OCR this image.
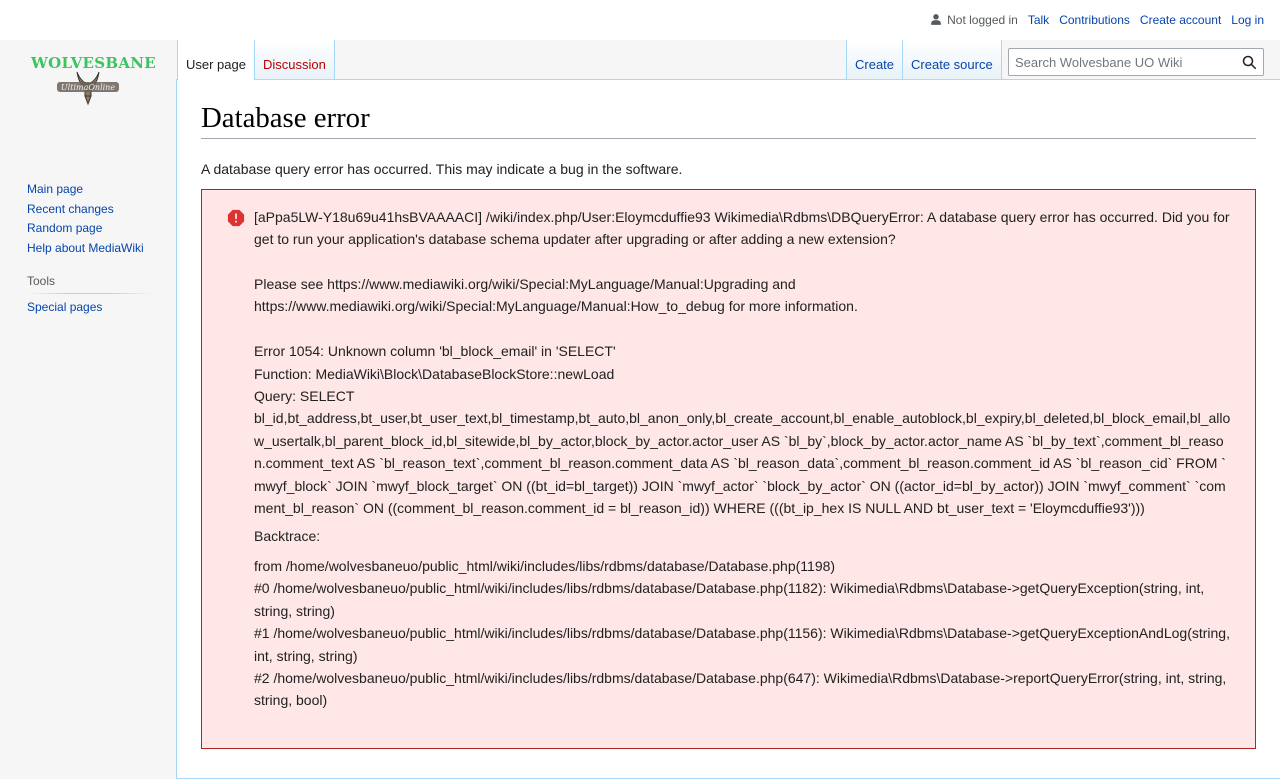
Not logged in Talk Contributions Create account Log in
WOLVESBANE
UltimaOnline
Database error
A database query error has occurred. This may indicate a bug in the software.

[aPpa5LW-Y18u69u41hsBVAAAACI] /wiki/index.php/User:Eloymcduffie93 Wikimedia\Rdbms\DBQueryError: A database query error has occurred. Did you forget to run your application's database schema updater after upgrading or after adding a new extension?

Please see https://www.mediawiki.org/wiki/Special:MyLanguage/Manual:Upgrading and

https://www.mediawiki.org/wiki/Special:MyLanguage/Manual:How_to_debug for more information.

Error 1054: Unknown column 'bl_block_email' in 'SELECT'

Function: MediaWiki\Block\DatabaseBlockStore::newLoad

Query: SELECT

bl_id,bt_address,bt_user,bt_user_text,bl_timestamp,bt_auto,bl_anon_only,bl_create_account,bl_enable_autoblock,bl_expiry,bl_deleted,bl_block_email,bl_allow_usertalk,bl_parent_block_id,bl_sitewide,bl_by_actor,block_by_actor.actor_user AS `bl_by`,block_by_actor.actor_name AS `bl_by_text`,comment_bl_reason.comment_text AS `bl_reason_text`,comment_bl_reason.comment_data AS `bl_reason_data`,comment_bl_reason.comment_id AS `bl_reason_cid` FROM `mwyf_block` JOIN `mwyf_block_target` ON ((bt_id=bl_target)) JOIN `mwyf_actor` `block_by_actor` ON ((actor_id=bl_by_actor)) JOIN `mwyf_comment` `comment_bl_reason` ON ((comment_bl_reason.comment_id = bl_reason_id)) WHERE (((bt_ip_hex IS NULL AND bt_user_text = 'Eloymcduffie93')))

Backtrace:

from /home/wolvesbaneuo/public_html/wiki/includes/libs/rdbms/database/Database.php(1198)

#0 /home/wolvesbaneuo/public_html/wiki/includes/libs/rdbms/database/Database.php(1182): Wikimedia\Rdbms\Database->getQueryException(string, int, string, string)

#1 /home/wolvesbaneuo/public_html/wiki/includes/libs/rdbms/database/Database.php(1156): Wikimedia\Rdbms\Database->getQueryExceptionAndLog(string, int, string, string)

#2 /home/wolvesbaneuo/public_html/wiki/includes/libs/rdbms/database/Database.php(647): Wikimedia\Rdbms\Database->reportQueryError(string, int, string, string, bool)

User page Discussion	Create Create source
Search Wolvesbane UO Wiki
Main page
Recent changes
Random page
Help about MediaWiki
Tools
Special pages
